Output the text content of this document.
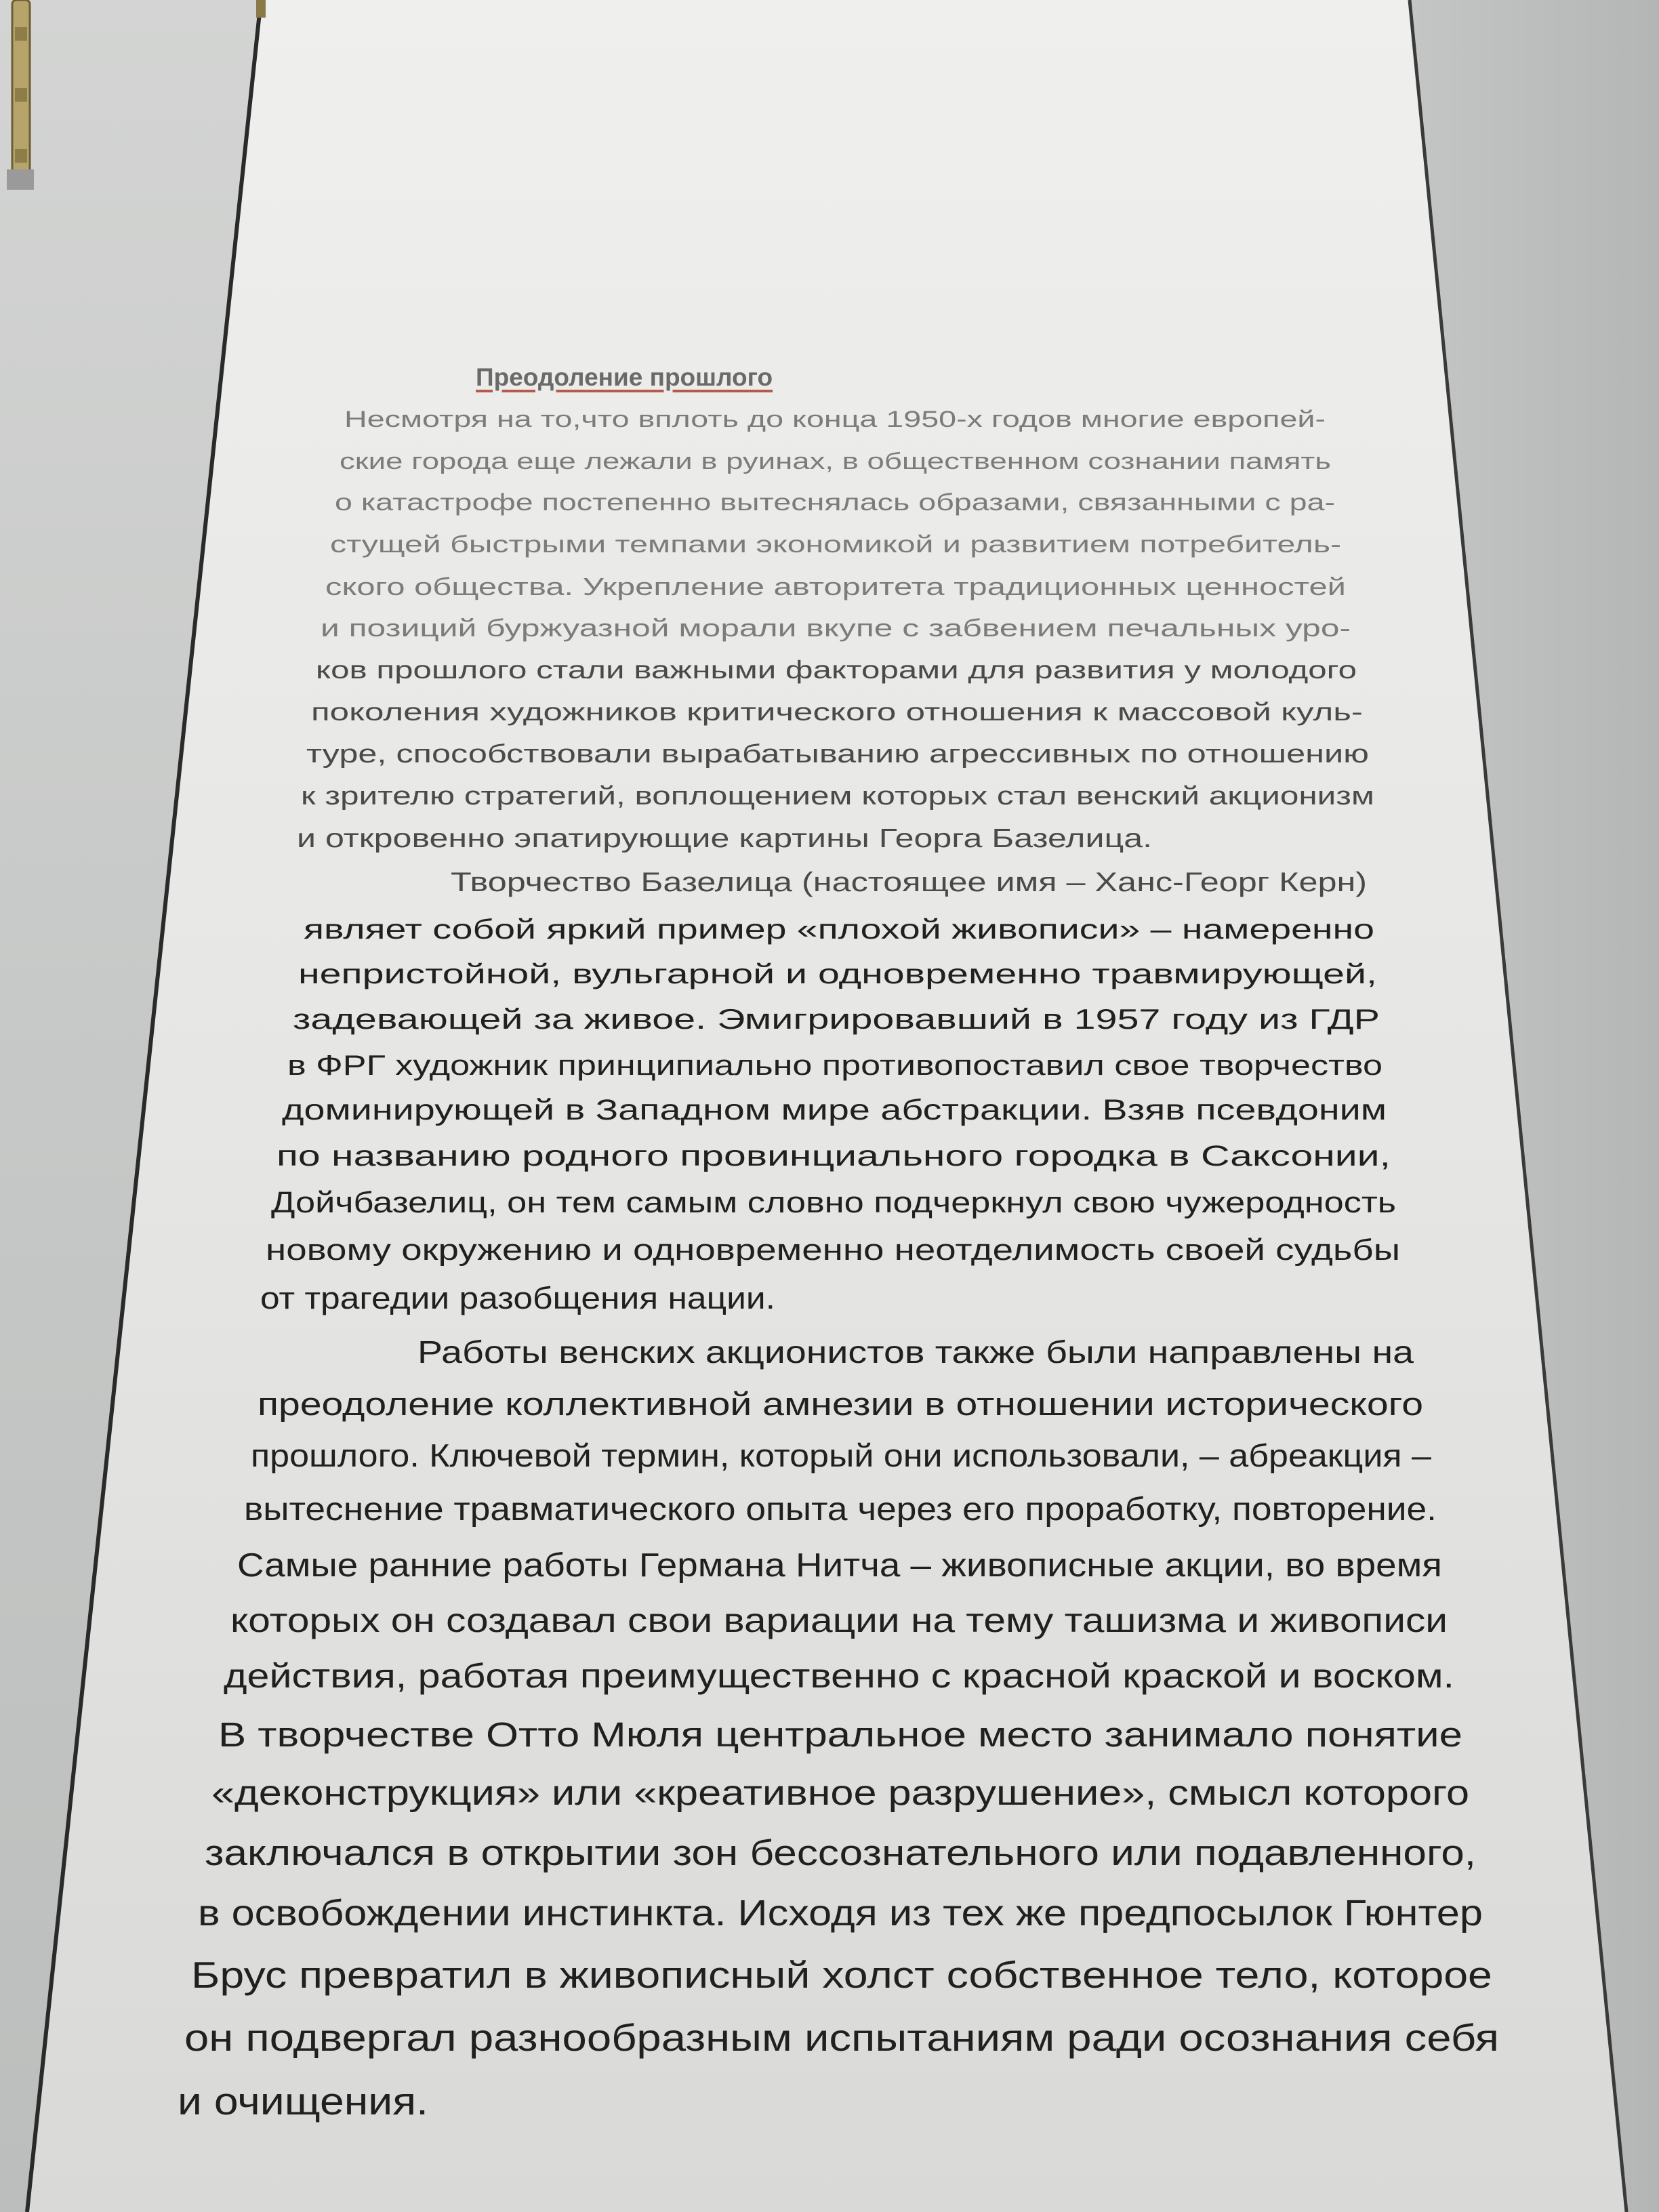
Преодоление прошлого
Несмотря на то,что вплоть до конца 1950-х годов многие европей-
ские города еще лежали в руинах, в общественном сознании память
о катастрофе постепенно вытеснялась образами, связанными с ра-
стущей быстрыми темпами экономикой и развитием потребитель-
ского общества. Укрепление авторитета традиционных ценностей
и позиций буржуазной морали вкупе с забвением печальных уро-
ков прошлого стали важными факторами для развития у молодого
поколения художников критического отношения к массовой куль-
туре, способствовали вырабатыванию агрессивных по отношению
к зрителю стратегий, воплощением которых стал венский акционизм
и откровенно эпатирующие картины Георга Базелица.
Творчество Базелица (настоящее имя – Ханс-Георг Керн)
являет собой яркий пример «плохой живописи» – намеренно
непристойной, вульгарной и одновременно травмирующей,
задевающей за живое. Эмигрировавший в 1957 году из ГДР
в ФРГ художник принципиально противопоставил свое творчество
доминирующей в Западном мире абстракции. Взяв псевдоним
по названию родного провинциального городка в Саксонии,
Дойчбазелиц, он тем самым словно подчеркнул свою чужеродность
новому окружению и одновременно неотделимость своей судьбы
от трагедии разобщения нации.
Работы венских акционистов также были направлены на
преодоление коллективной амнезии в отношении исторического
прошлого. Ключевой термин, который они использовали, – абреакция –
вытеснение травматического опыта через его проработку, повторение.
Самые ранние работы Германа Нитча – живописные акции, во время
которых он создавал свои вариации на тему ташизма и живописи
действия, работая преимущественно с красной краской и воском.
В творчестве Отто Мюля центральное место занимало понятие
«деконструкция» или «креативное разрушение», смысл которого
заключался в открытии зон бессознательного или подавленного,
в освобождении инстинкта. Исходя из тех же предпосылок Гюнтер
Брус превратил в живописный холст собственное тело, которое
он подвергал разнообразным испытаниям ради осознания себя
и очищения.
